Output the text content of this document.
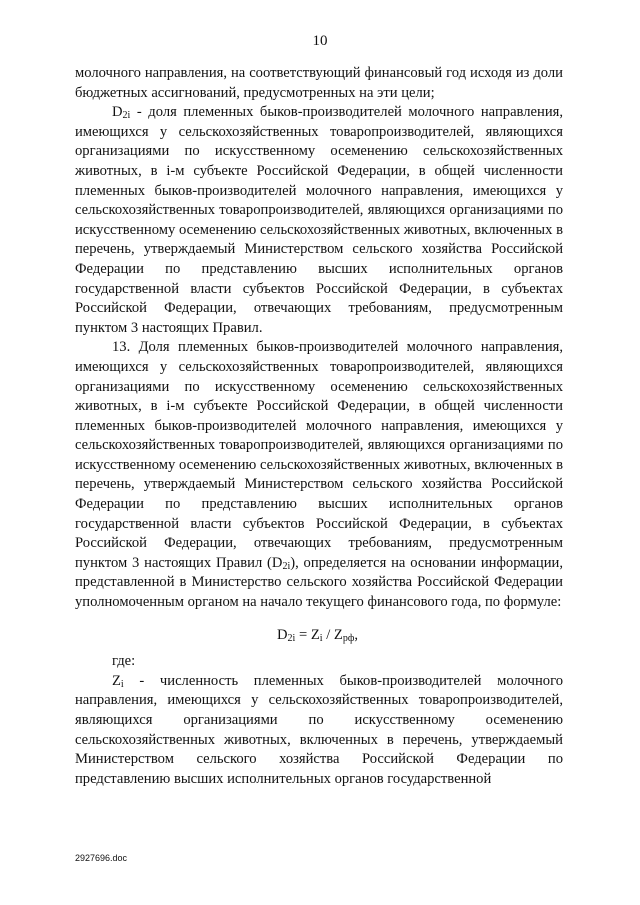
10

молочного направления, на соответствующий финансовый год исходя из доли бюджетных ассигнований, предусмотренных на эти цели;

$D_{2i}$ - доля племенных быков-производителей молочного направления, имеющихся у сельскохозяйственных товаропроизводителей, являющихся организациями по искусственному осеменению сельскохозяйственных животных, в i-м субъекте Российской Федерации, в общей численности племенных быков-производителей молочного направления, имеющихся у сельскохозяйственных товаропроизводителей, являющихся организациями по искусственному осеменению сельскохозяйственных животных, включенных в перечень, утверждаемый Министерством сельского хозяйства Российской Федерации по представлению высших исполнительных органов государственной власти субъектов Российской Федерации, в субъектах Российской Федерации, отвечающих требованиям, предусмотренным пунктом 3 настоящих Правил.

13. Доля племенных быков-производителей молочного направления, имеющихся у сельскохозяйственных товаропроизводителей, являющихся организациями по искусственному осеменению сельскохозяйственных животных, в i-м субъекте Российской Федерации, в общей численности племенных быков-производителей молочного направления, имеющихся у сельскохозяйственных товаропроизводителей, являющихся организациями по искусственному осеменению сельскохозяйственных животных, включенных в перечень, утверждаемый Министерством сельского хозяйства Российской Федерации по представлению высших исполнительных органов государственной власти субъектов Российской Федерации, в субъектах Российской Федерации, отвечающих требованиям, предусмотренным пунктом 3 настоящих Правил $(D_{2i})$, определяется на основании информации, представленной в Министерство сельского хозяйства Российской Федерации уполномоченным органом на начало текущего финансового года, по формуле:

$D_{2i} = Z_i / Z_{рф}$,

где:

$Z_i$ - численность племенных быков-производителей молочного направления, имеющихся у сельскохозяйственных товаропроизводителей, являющихся организациями по искусственному осеменению сельскохозяйственных животных, включенных в перечень, утверждаемый Министерством сельского хозяйства Российской Федерации по представлению высших исполнительных органов государственной

2927696.doc
